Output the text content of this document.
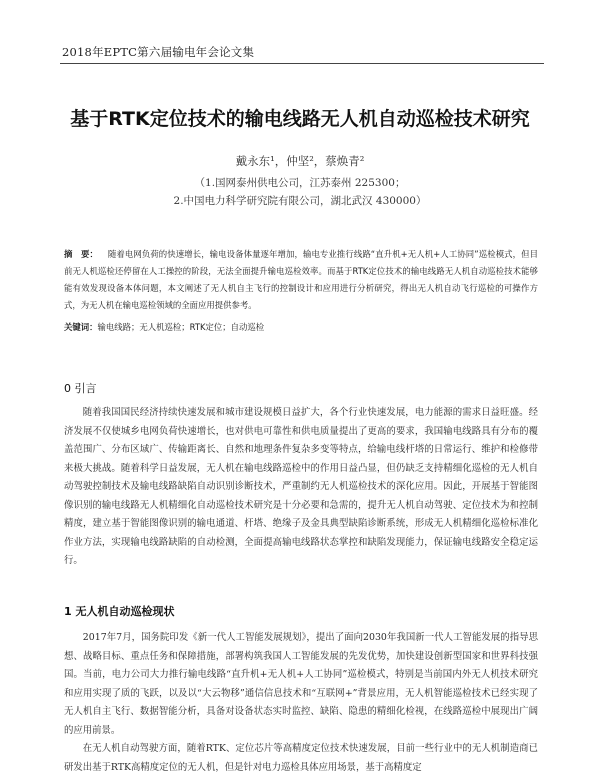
2018年EPTC第六届输电年会论文集
基于RTK定位技术的输电线路无人机自动巡检技术研究
戴永东¹，仲坚²，蔡焕青²
（1.国网泰州供电公司，江苏泰州 225300；
2.中国电力科学研究院有限公司，湖北武汉 430000）
摘　要： 随着电网负荷的快速增长，输电设备体量逐年增加，输电专业推行线路“直升机+无人机+人工协同”巡检模式，但目前无人机巡检还停留在人工操控的阶段，无法全面提升输电巡检效率。而基于RTK定位技术的输电线路无人机自动巡检技术能够能有效发现设备本体问题，本文阐述了无人机自主飞行的控制设计和应用进行分析研究，得出无人机自动飞行巡检的可操作方式，为无人机在输电巡检领域的全面应用提供参考。
关键词：输电线路；无人机巡检；RTK定位；自动巡检
0 引言

随着我国国民经济持续快速发展和城市建设规模日益扩大，各个行业快速发展，电力能源的需求日益旺盛。经济发展不仅使城乡电网负荷快速增长，也对供电可靠性和供电质量提出了更高的要求，我国输电线路具有分布的覆盖范围广、分布区域广、传输距离长、自然和地理条件复杂多变等特点，给输电线杆塔的日常运行、维护和检修带来极大挑战。随着科学日益发展，无人机在输电线路巡检中的作用日益凸显，但仍缺乏支持精细化巡检的无人机自动驾驶控制技术及输电线路缺陷自动识别诊断技术，严重制约无人机巡检技术的深化应用。因此，开展基于智能图像识别的输电线路无人机精细化自动巡检技术研究是十分必要和急需的，提升无人机自动驾驶、定位技术为和控制精度，建立基于智能图像识别的输电通道、杆塔、绝缘子及金具典型缺陷诊断系统，形成无人机精细化巡检标准化作业方法，实现输电线路缺陷的自动检测，全面提高输电线路状态掌控和缺陷发现能力，保证输电线路安全稳定运行。

1 无人机自动巡检现状

2017年7月，国务院印发《新一代人工智能发展规划》，提出了面向2030年我国新一代人工智能发展的指导思想、战略目标、重点任务和保障措施，部署构筑我国人工智能发展的先发优势，加快建设创新型国家和世界科技强国。当前，电力公司大力推行输电线路“直升机+无人机+人工协同”巡检模式，特别是当前国内外无人机技术研究和应用实现了质的飞跃，以及以“大云物移”通信信息技术和“互联网+”背景应用，无人机智能巡检技术已经实现了无人机自主飞行、数据智能分析，具备对设备状态实时监控、缺陷、隐患的精细化检视，在线路巡检中展现出广阔的应用前景。

在无人机自动驾驶方面，随着RTK、定位芯片等高精度定位技术快速发展，目前一些行业中的无人机制造商已研发出基于RTK高精度定位的无人机，但是针对电力巡检具体应用场景，基于高精度定
